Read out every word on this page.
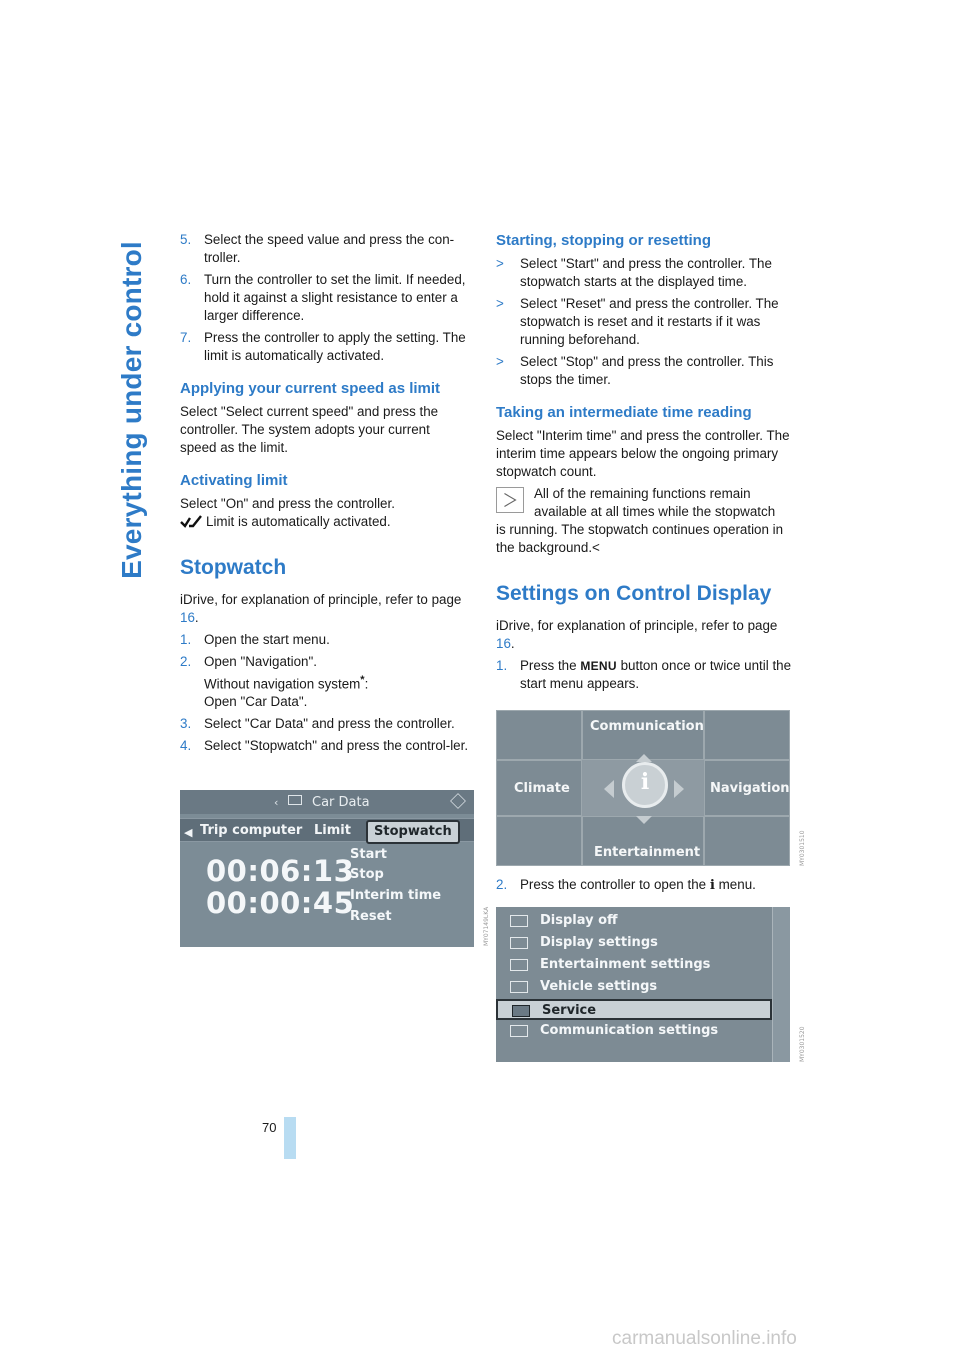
Everything under control
70
5. Select the speed value and press the con-troller.
6. Turn the controller to set the limit. If needed, hold it against a slight resistance to enter a larger difference.
7. Press the controller to apply the setting. The limit is automatically activated.
Applying your current speed as limit

Select "Select current speed" and press the controller. The system adopts your current speed as the limit.

Activating limit

Select "On" and press the controller.
Limit is automatically activated.

Stopwatch

iDrive, for explanation of principle, refer to page 16.

1. Open the start menu.
2. Open "Navigation".
Without navigation system*:
Open "Car Data".
3. Select "Car Data" and press the controller.
4. Select "Stopwatch" and press the control-ler.
‹	Car Data
◀ Trip computer Limit	Stopwatch
Start
Stop
Interim time
Reset
00:06:13
00:00:45
MY07149LKA
Starting, stopping or resetting
>	Select "Start" and press the controller. The stopwatch starts at the displayed time.
>	Select "Reset" and press the controller. The stopwatch is reset and it restarts if it was running beforehand.
>	Select "Stop" and press the controller. This stops the timer.
Taking an intermediate time reading

Select "Interim time" and press the controller. The interim time appears below the ongoing primary stopwatch count.

All of the remaining functions remain available at all times while the stopwatch

is running. The stopwatch continues operation in the background.<

Settings on Control Display

iDrive, for explanation of principle, refer to page 16.

1. Press the MENU button once or twice until the start menu appears.
Communication
Climate	Navigation
Entertainment
i
MY0301510
2. Press the controller to open the i menu.
Display off
Display settings
Entertainment settings
Vehicle settings
Service
Communication settings	MY0301520
carmanualsonline.info
